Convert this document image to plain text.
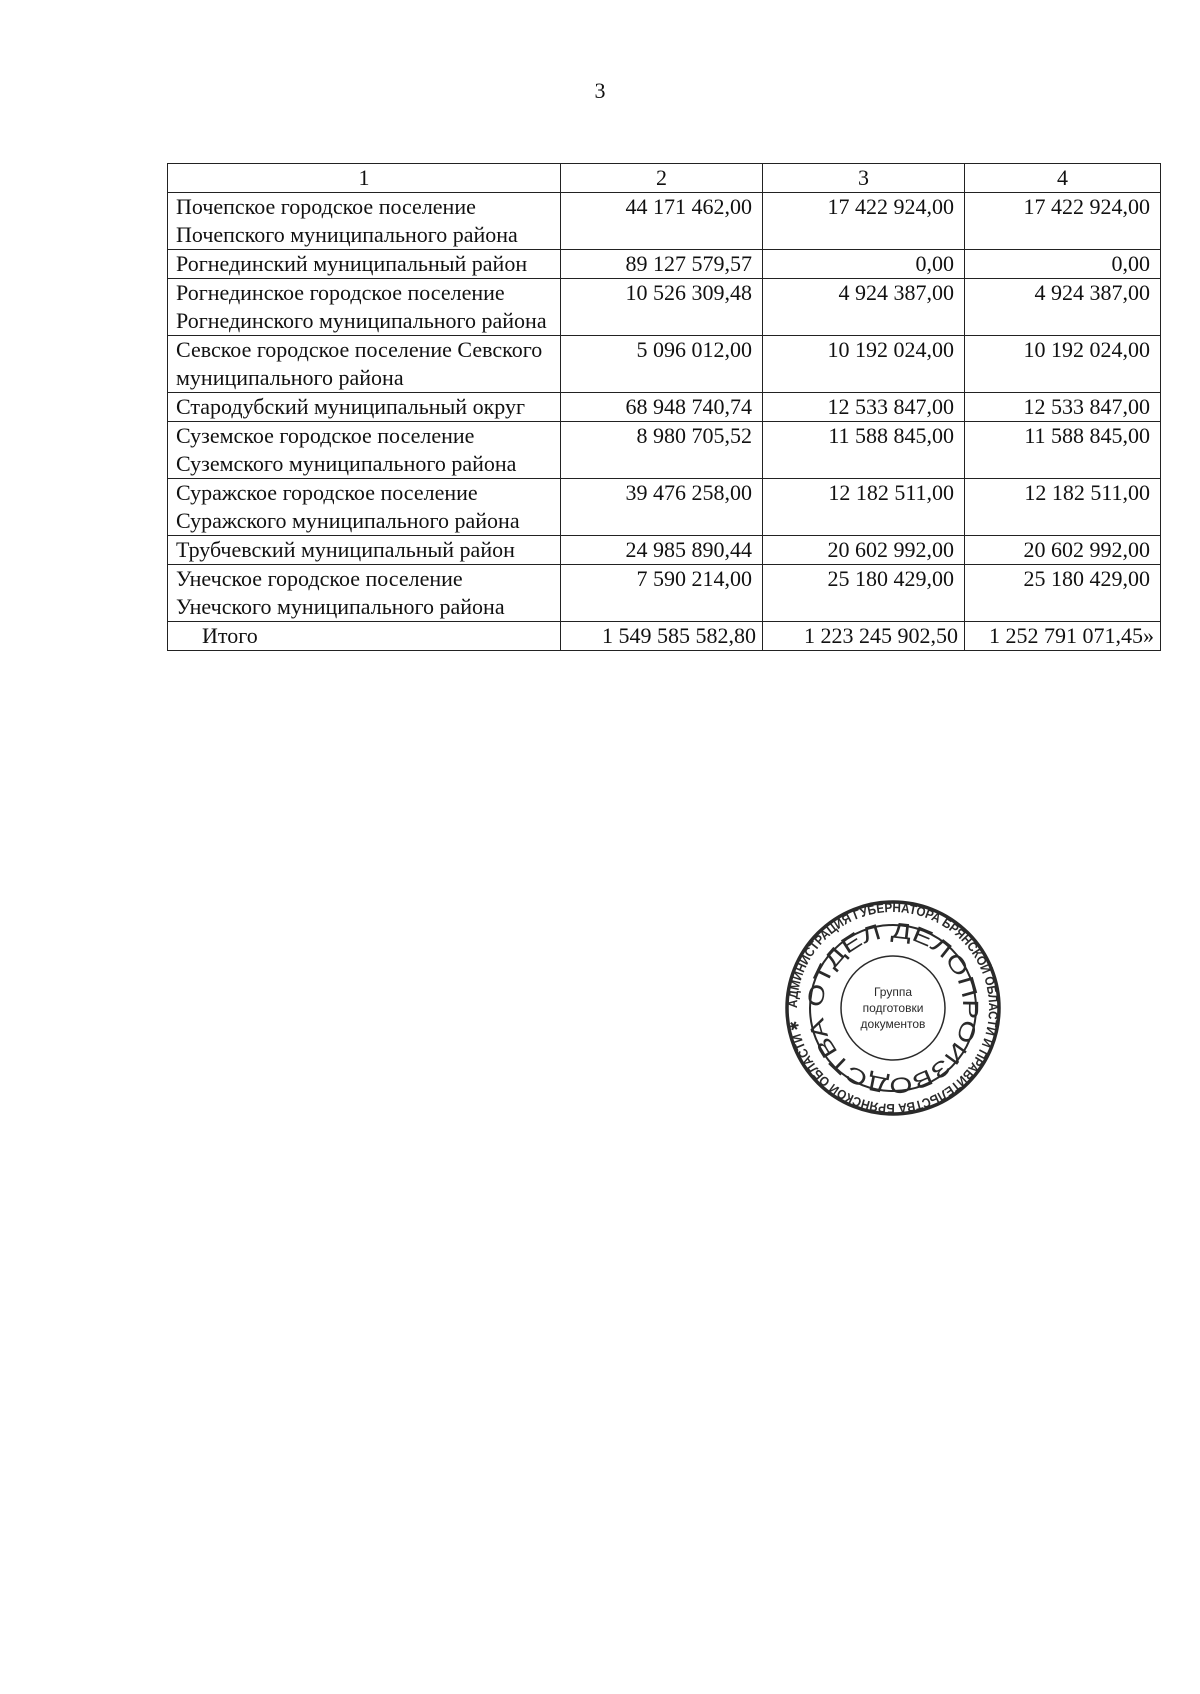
3
1	2	3	4
Почепское городское поселение Почепского муниципального района	44 171 462,00	17 422 924,00	17 422 924,00
Рогнединский муниципальный район	89 127 579,57	0,00	0,00
Рогнединское городское поселение Рогнединского муниципального района	10 526 309,48	4 924 387,00	4 924 387,00
Севское городское поселение Севского муниципального района	5 096 012,00	10 192 024,00	10 192 024,00
Стародубский муниципальный округ	68 948 740,74	12 533 847,00	12 533 847,00
Суземское городское поселение Суземского муниципального района	8 980 705,52	11 588 845,00	11 588 845,00
Суражское городское поселение Суражского муниципального района	39 476 258,00	12 182 511,00	12 182 511,00
Трубчевский муниципальный район	24 985 890,44	20 602 992,00	20 602 992,00
Унечское городское поселение Унечского муниципального района	7 590 214,00	25 180 429,00	25 180 429,00
Итого	1 549 585 582,80	1 223 245 902,50	1 252 791 071,45»
АДМИНИСТРАЦИЯ ГУБЕРНАТОРА БРЯНСКОЙ ОБЛАСТИ И ПРАВИТЕЛЬСТВА БРЯНСКОЙ ОБЛАСТИ ✱
ОТДЕЛ ДЕЛОПРОИЗВОДСТВА
Группа
подготовки
документов
